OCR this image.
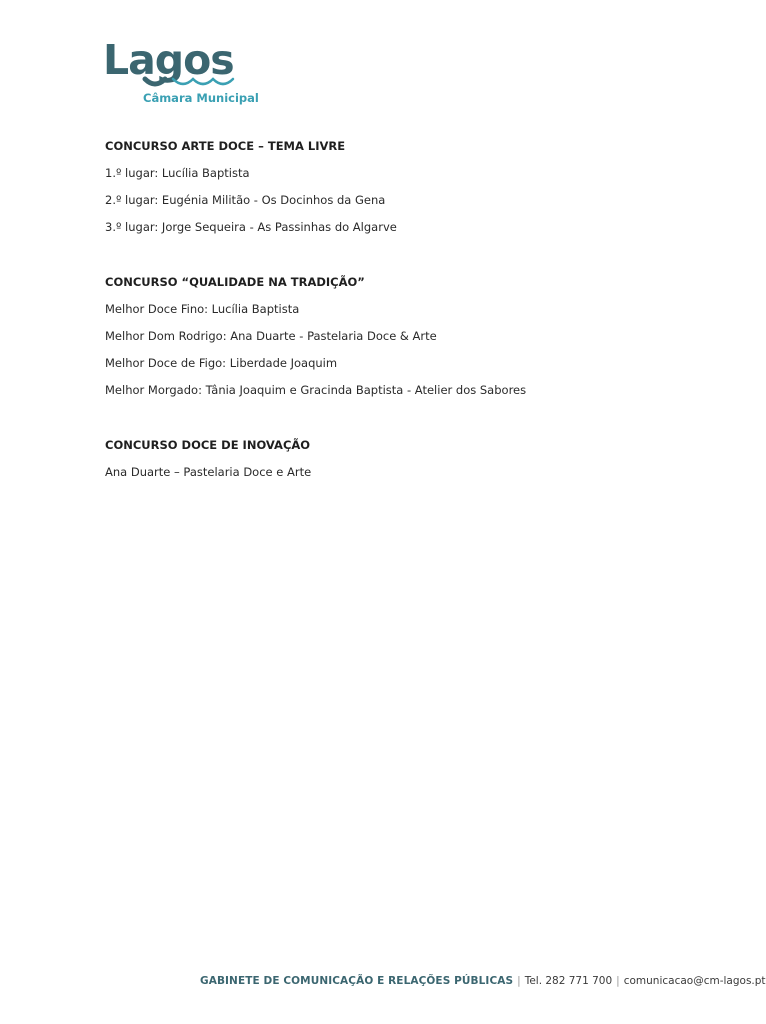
Lagos
Câmara Municipal
CONCURSO ARTE DOCE – TEMA LIVRE
1.º lugar: Lucília Baptista
2.º lugar: Eugénia Militão - Os Docinhos da Gena
3.º lugar: Jorge Sequeira - As Passinhas do Algarve
CONCURSO “QUALIDADE NA TRADIÇÃO”
Melhor Doce Fino: Lucília Baptista
Melhor Dom Rodrigo: Ana Duarte - Pastelaria Doce & Arte
Melhor Doce de Figo: Liberdade Joaquim
Melhor Morgado: Tânia Joaquim e Gracinda Baptista - Atelier dos Sabores
CONCURSO DOCE DE INOVAÇÃO
Ana Duarte – Pastelaria Doce e Arte
GABINETE DE COMUNICAÇÃO E RELAÇÕES PÚBLICAS | Tel. 282 771 700 | comunicacao@cm-lagos.pt
